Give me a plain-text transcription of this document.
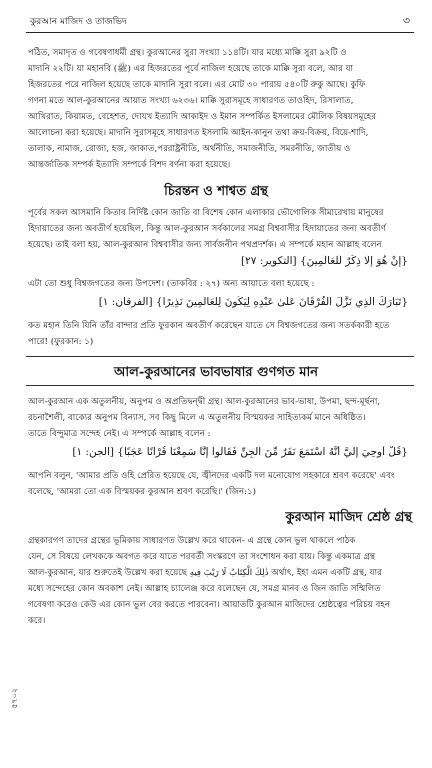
কুরআন মাজিদ ও তাজভিদ	৩
পঠিত, সমাদৃত ও গবেষণাধর্মী গ্রন্থ। কুরআনের সুরা সংখ্যা ১১৪টি। যার মধ্যে মাক্কি সুরা ৯২টি ও
মাদানি ২২টি। যা মহানবি (ﷺ) এর হিজরতের পূর্বে নাজিল হয়েছে তাকে মাক্কি সুরা বলে, আর যা
হিজরতের পরে নাজিল হয়েছে তাকে মাদানি সুরা বলে। এর মোট ৩০ পারায় ৫৪০টি রুকু আছে। কুফি
গণনা মতে আল-কুরআনের আয়াত সংখ্যা ৬২৩৬। মাক্কি সুরাসমূহে সাধারণত তাওহিদ, রিসালাত,
আখিরাত, কিয়ামত, বেহেশত, দোযখ ইত্যাদি আকাইদ ও ইমান সম্পর্কিত ইসলামের মৌলিক বিষয়সমূহের
আলোচনা করা হয়েছে। মাদানি সুরাসমূহে সাধারণত ইসলামি আইন-কানুন তথা ক্রয়-বিক্রয়, বিয়ে-শাদি,
তালাক, নামাজ, রোজা, হজ, জাকাত,পররাষ্ট্রনীতি, অর্থনীতি, সমাজনীতি, সমরনীতি, জাতীয় ও
আন্তর্জাতিক সম্পর্ক ইত্যাদি সম্পর্কে বিশদ বর্ণনা করা হয়েছে।
চিরন্তন ও শাশ্বত গ্রন্থ
পূর্বের সকল আসমানি কিতাব নির্দিষ্ট কোন জাতি বা বিশেষ কোন এলাকার ভৌগোলিক সীমারেখায় মানুষের
হিদায়াতের জন্য অবতীর্ণ হয়েছিল, কিন্তু আল-কুরআন সর্বকালের সমগ্র বিশ্ববাসীর হিদায়াতের জন্য অবতীর্ণ
হয়েছে। তাই বলা হয়, আল-কুরআন বিশ্ববাসীর জন্য সার্বজনীন পথপ্রদর্শক। এ সম্পর্কে মহান আল্লাহ বলেন
{إِنْ هُوَ إِلَّا ذِكْرٌ لِّلْعَالَمِينَ} [التكوير: ٢٧]
এটা তো শুধু বিশ্বজগতের জন্য উপদেশ। (তাকবির : ২৭) অন্য আয়াতে বলা হয়েছে :
{تَبَارَكَ الَّذِي نَزَّلَ الْفُرْقَانَ عَلَىٰ عَبْدِهِ لِيَكُونَ لِلْعَالَمِينَ نَذِيرًا} [الفرقان: ١]
কত মহান তিনি যিনি তাঁর বান্দার প্রতি ফুরকান অবতীর্ণ করেছেন যাতে সে বিশ্বজগতের জন্য সতর্ককারী হতে
পারে! (ফুরকান: ১)
আল-কুরআনের ভাবভাষার গুণগত মান
আল-কুরআন এক অতুলনীয়, অনুপম ও অপ্রতিদ্বন্দ্বী গ্রন্থ। আল-কুরআনের ভাব-ভাষা, উপমা, ছন্দ-মূর্ছনা,
রচনাশৈলী, বাক্যের অনুপম বিন্যাস, সব কিছু মিলে এ অতুলনীয় বিস্ময়কর সাহিত্যকর্ম মানে অধিষ্ঠিত।
তাতে বিন্দুমাত্র সন্দেহ নেই। এ সম্পর্কে আল্লাহ বলেন :
{قُلْ أُوحِيَ إِلَيَّ أَنَّهُ اسْتَمَعَ نَفَرٌ مِّنَ الْجِنِّ فَقَالُوا إِنَّا سَمِعْنَا قُرْآنًا عَجَبًا} [الجن: ١]
আপনি বলুন, 'আমার প্রতি ওহি প্রেরিত হয়েছে যে, জ্বীনদের একটি দল মনোযোগ সহকারে শ্রবণ করেছে' এবং
বলেছে, 'আমরা তো এক বিস্ময়কর কুরআন শ্রবণ করেছি।' (জিন:১)
কুরআন মাজিদ শ্রেষ্ঠ গ্রন্থ
গ্রন্থকারগণ তাদের গ্রন্থের ভূমিকায় সাধারণত উল্লেখ করে থাকেন- এ গ্রন্থে কোন ভুল থাকলে পাঠক
যেন, সে বিষয়ে লেখককে অবগত করে যাতে পরবর্তী সংস্করণে তা সংশোধন করা যায়। কিন্তু একমাত্র গ্রন্থ
আল-কুরআন, যার শুরুতেই উল্লেখ করা হয়েছে ذٰلِكَ الْكِتَابُ لَا رَيْبَ فِيهِ অর্থাৎ, ইহা এমন একটি গ্রন্থ, যার
মধ্যে সন্দেহের কোন অবকাশ নেই। আল্লাহ চ্যালেঞ্জ করে বলেছেন যে, সমগ্র মানব ও জিন জাতি সম্মিলিত
গবেষণা করেও কেউ এর কোন ভুল বের করতে পারবেনা। আয়াতটি কুরআন মাজিদের শ্রেষ্ঠত্বের পরিচয় বহন
করে।
৫৭০২
